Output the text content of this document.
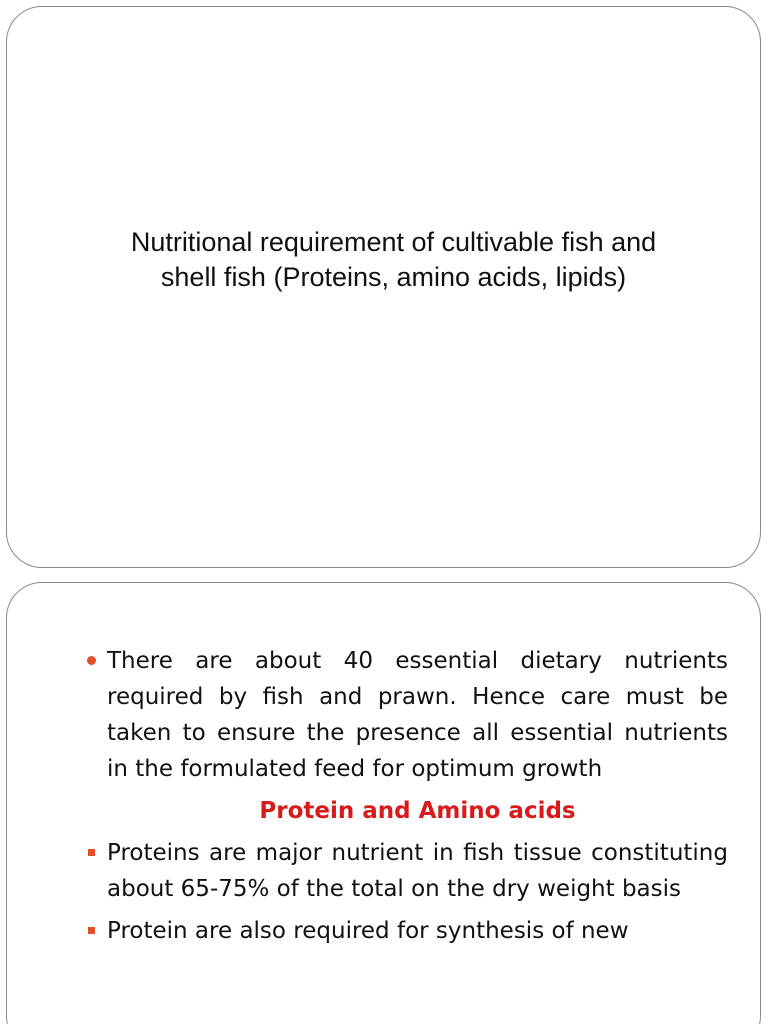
Nutritional requirement of cultivable fish and
shell fish (Proteins, amino acids, lipids)

There are about 40 essential dietary nutrients required by fish and prawn. Hence care must be taken to ensure the presence all essential nutrients in the formulated feed for optimum growth

Protein and Amino acids

Proteins are major nutrient in fish tissue constituting about 65-75% of the total on the dry weight basis

Protein are also required for synthesis of new
